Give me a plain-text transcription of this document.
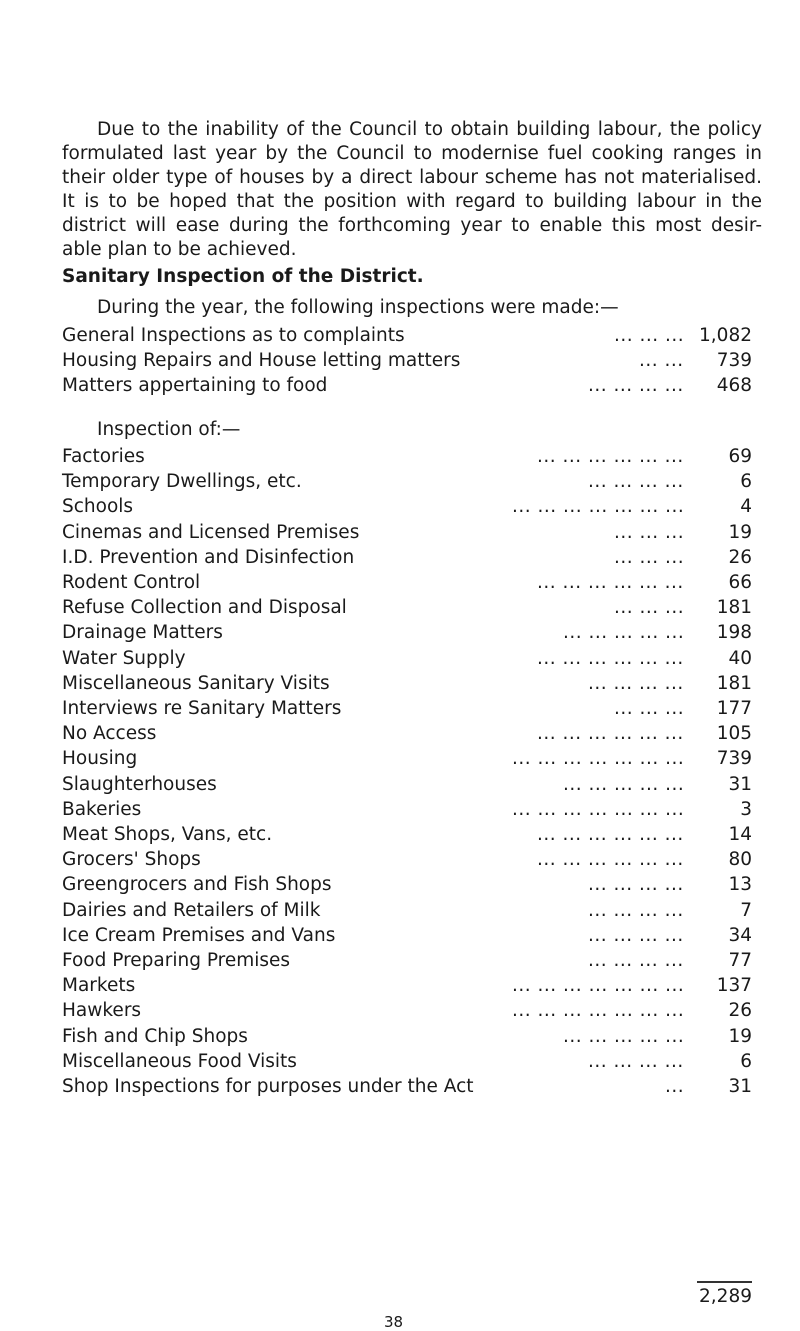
Due to the inability of the Council to obtain building labour, the policy formulated last year by the Council to modernise fuel cooking ranges in their older type of houses by a direct labour scheme has not materialised. It is to be hoped that the position with regard to building labour in the district will ease during the forthcoming year to enable this most desir- able plan to be achieved.

Sanitary Inspection of the District.

During the year, the following inspections were made:—

General Inspections as to complaints	... ... ... 1,082
Housing Repairs and House letting matters	... ... 739
Matters appertaining to food	... ... ... ... 468

Inspection of:—

Factories	... ... ... ... ... ... 69
Temporary Dwellings, etc.	... ... ... ...	6
Schools	... ... ... ... ... ... ...	4
Cinemas and Licensed Premises	... ... ... 19
I.D. Prevention and Disinfection	... ... ... 26
Rodent Control	... ... ... ... ... ... 66
Refuse Collection and Disposal	... ... ... 181
Drainage Matters	... ... ... ... ... 198
Water Supply	... ... ... ... ... ... 40
Miscellaneous Sanitary Visits	... ... ... ... 181
Interviews re Sanitary Matters	... ... ... 177
No Access	... ... ... ... ... ... 105
Housing	... ... ... ... ... ... ... 739
Slaughterhouses	... ... ... ... ... 31
Bakeries	... ... ... ... ... ... ...	3
Meat Shops, Vans, etc.	... ... ... ... ... ... 14
Grocers' Shops	... ... ... ... ... ... 80
Greengrocers and Fish Shops	... ... ... ... 13
Dairies and Retailers of Milk	... ... ... ...	7
Ice Cream Premises and Vans	... ... ... ... 34
Food Preparing Premises	... ... ... ... 77
Markets	... ... ... ... ... ... ... 137
Hawkers	... ... ... ... ... ... ... 26
Fish and Chip Shops	... ... ... ... ... 19
Miscellaneous Food Visits	... ... ... ...	6
Shop Inspections for purposes under the Act	... 31
2,289
38
